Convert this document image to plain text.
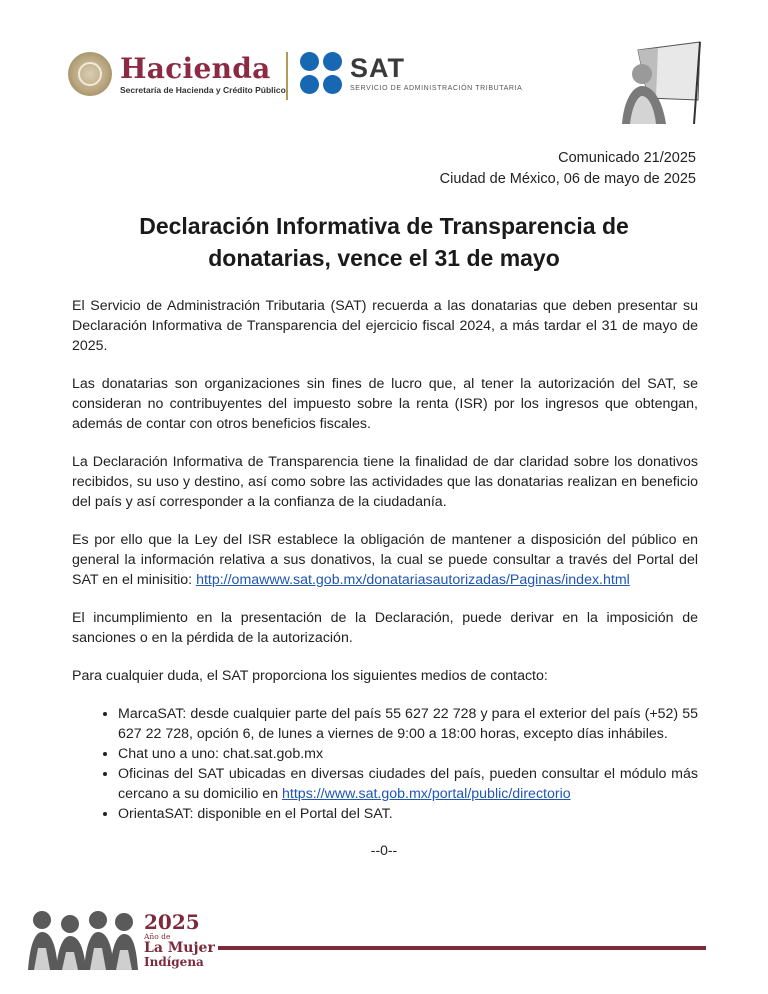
Hacienda
Secretaría de Hacienda y Crédito Público
SAT
SERVICIO DE ADMINISTRACIÓN TRIBUTARIA
Comunicado 21/2025
Ciudad de México, 06 de mayo de 2025
Declaración Informativa de Transparencia de
donatarias, vence el 31 de mayo

El Servicio de Administración Tributaria (SAT) recuerda a las donatarias que deben presentar su Declaración Informativa de Transparencia del ejercicio fiscal 2024, a más tardar el 31 de mayo de 2025.

Las donatarias son organizaciones sin fines de lucro que, al tener la autorización del SAT, se consideran no contribuyentes del impuesto sobre la renta (ISR) por los ingresos que obtengan, además de contar con otros beneficios fiscales.

La Declaración Informativa de Transparencia tiene la finalidad de dar claridad sobre los donativos recibidos, su uso y destino, así como sobre las actividades que las donatarias realizan en beneficio del país y así corresponder a la confianza de la ciudadanía.

Es por ello que la Ley del ISR establece la obligación de mantener a disposición del público en general la información relativa a sus donativos, la cual se puede consultar a través del Portal del SAT en el minisitio: http://omawww.sat.gob.mx/donatariasautorizadas/Paginas/index.html

El incumplimiento en la presentación de la Declaración, puede derivar en la imposición de sanciones o en la pérdida de la autorización.

Para cualquier duda, el SAT proporciona los siguientes medios de contacto:

• MarcaSAT: desde cualquier parte del país 55 627 22 728 y para el exterior del país (+52) 55 627 22 728, opción 6, de lunes a viernes de 9:00 a 18:00 horas, excepto días inhábiles.
• Chat uno a uno: chat.sat.gob.mx
• Oficinas del SAT ubicadas en diversas ciudades del país, pueden consultar el módulo más cercano a su domicilio en https://www.sat.gob.mx/portal/public/directorio
• OrientaSAT: disponible en el Portal del SAT.
--0--
2025
Año de
La Mujer
Indígena
